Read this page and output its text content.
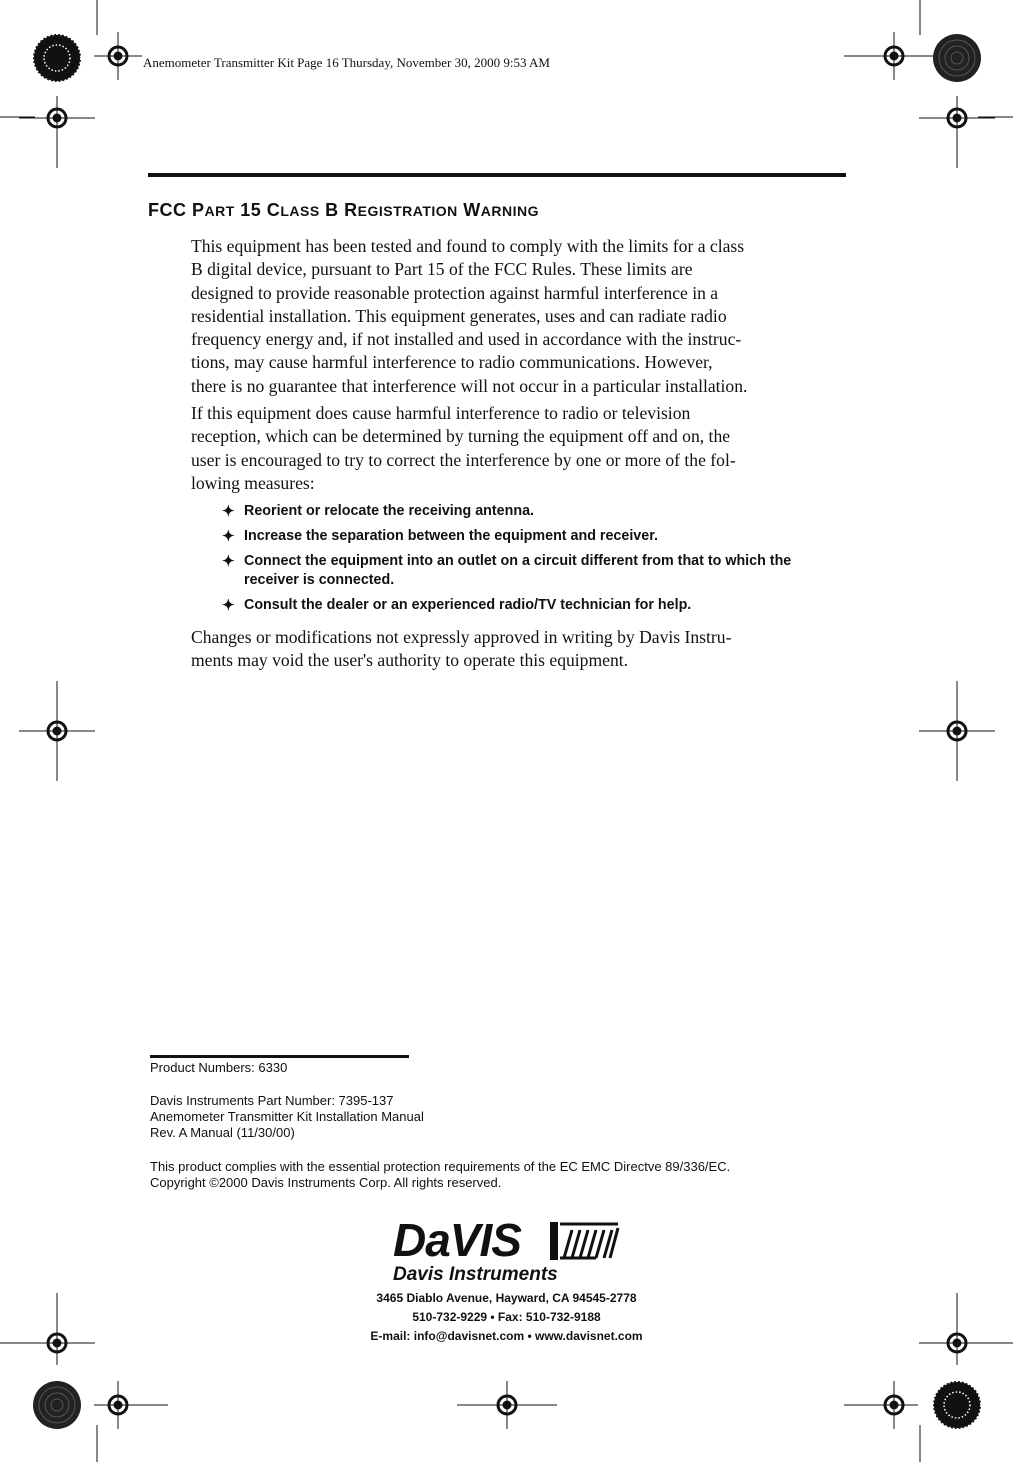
Anemometer Transmitter Kit Page 16 Thursday, November 30, 2000 9:53 AM
FCC PART 15 CLASS B REGISTRATION WARNING
This equipment has been tested and found to comply with the limits for a class
B digital device, pursuant to Part 15 of the FCC Rules. These limits are
designed to provide reasonable protection against harmful interference in a
residential installation. This equipment generates, uses and can radiate radio
frequency energy and, if not installed and used in accordance with the instruc-
tions, may cause harmful interference to radio communications. However,
there is no guarantee that interference will not occur in a particular installation.
If this equipment does cause harmful interference to radio or television
reception, which can be determined by turning the equipment off and on, the
user is encouraged to try to correct the interference by one or more of the fol-
lowing measures:
✦ Reorient or relocate the receiving antenna.
✦ Increase the separation between the equipment and receiver.
✦ Connect the equipment into an outlet on a circuit different from that to which the
receiver is connected.
✦ Consult the dealer or an experienced radio/TV technician for help.
Changes or modifications not expressly approved in writing by Davis Instru-
ments may void the user's authority to operate this equipment.
Product Numbers: 6330
Davis Instruments Part Number: 7395-137
Anemometer Transmitter Kit Installation Manual
Rev. A Manual (11/30/00)
This product complies with the essential protection requirements of the EC EMC Directve 89/336/EC.
Copyright ©2000 Davis Instruments Corp. All rights reserved.
DaVIS
Davis Instruments
3465 Diablo Avenue, Hayward, CA 94545-2778
510-732-9229 • Fax: 510-732-9188
E-mail: info@davisnet.com • www.davisnet.com
